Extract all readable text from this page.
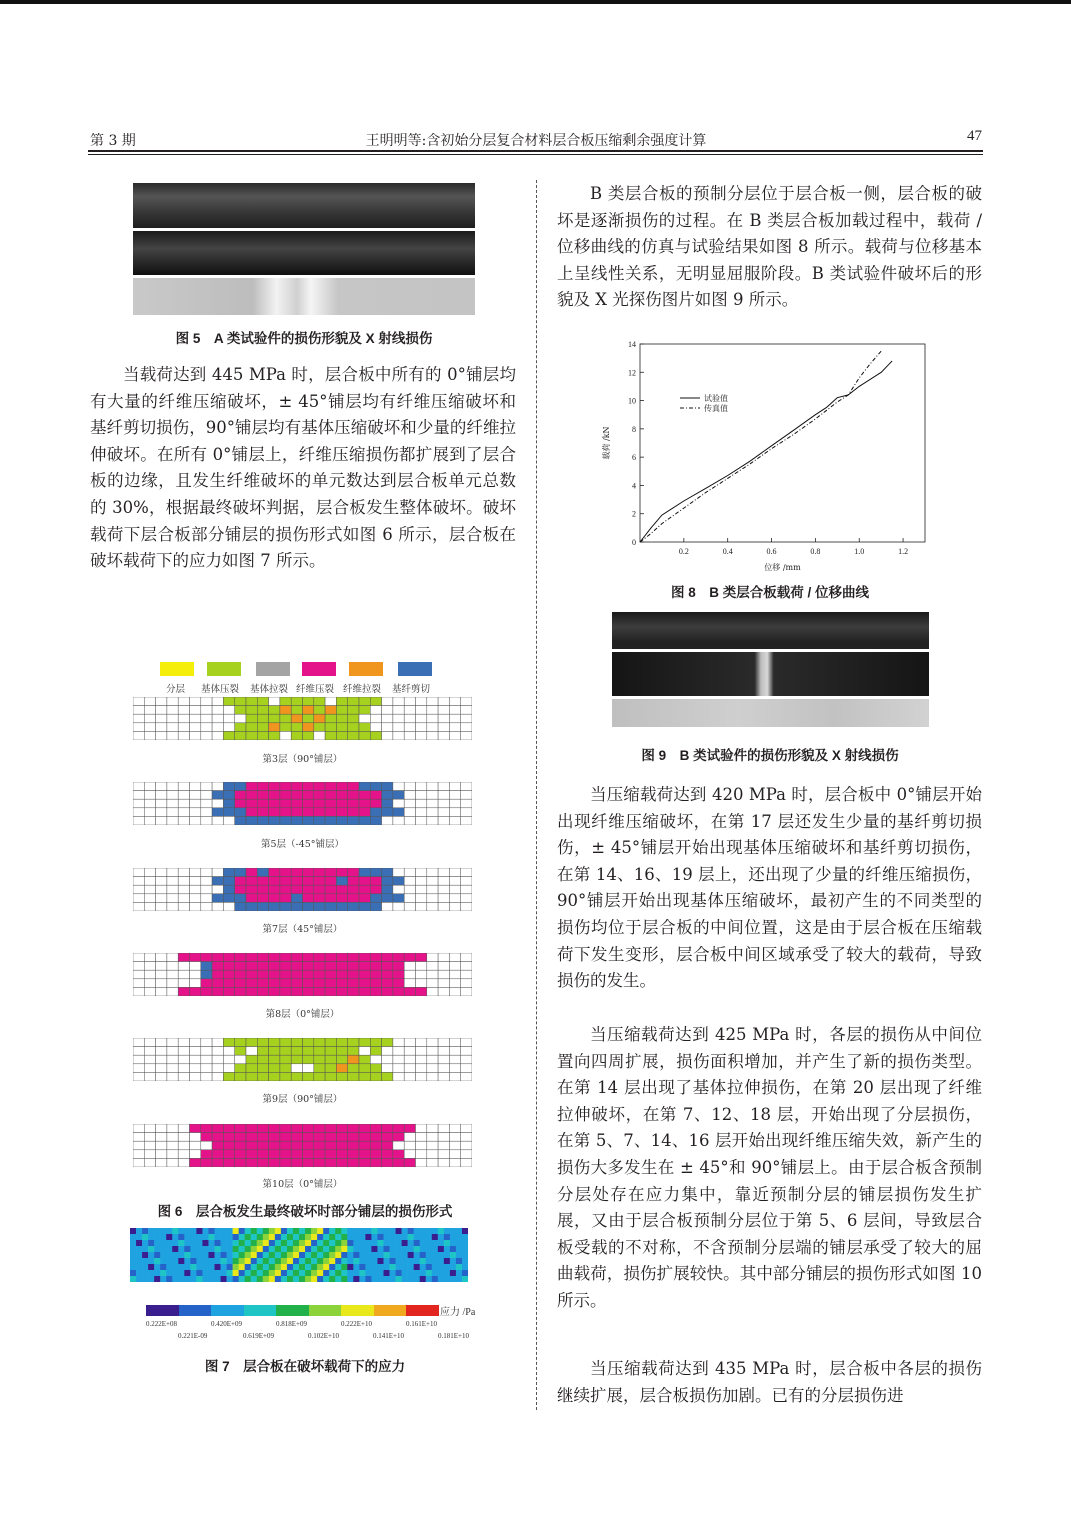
第 3 期	王明明等:含初始分层复合材料层合板压缩剩余强度计算	47
图 5　A 类试验件的损伤形貌及 X 射线损伤
当载荷达到 445 MPa 时，层合板中所有的 0°铺层均有大量的纤维压缩破坏，± 45°铺层均有纤维压缩破坏和基纤剪切损伤，90°铺层均有基体压缩破坏和少量的纤维拉伸破坏。在所有 0°铺层上，纤维压缩损伤都扩展到了层合板的边缘，且发生纤维破坏的单元数达到层合板单元总数的 30%，根据最终破坏判据，层合板发生整体破坏。破坏载荷下层合板部分铺层的损伤形式如图 6 所示，层合板在破坏载荷下的应力如图 7 所示。
分层 基体压裂 基体拉裂 纤维压裂 纤维拉裂 基纤剪切
第3层（90°铺层）
第5层（-45°铺层）
第7层（45°铺层）
第8层（0°铺层）
第9层（90°铺层）
第10层（0°铺层）
图 6　层合板发生最终破坏时部分铺层的损伤形式
应力 /Pa
0.222E+08	0.420E+09	0.818E+09	0.222E+10	0.161E+10
0.221E-09	0.619E+09	0.102E+10	0.141E+10	0.181E+10
图 7　层合板在破坏载荷下的应力
B 类层合板的预制分层位于层合板一侧，层合板的破坏是逐渐损伤的过程。在 B 类层合板加载过程中，载荷 / 位移曲线的仿真与试验结果如图 8 所示。载荷与位移基本上呈线性关系，无明显屈服阶段。B 类试验件破坏后的形貌及 X 光探伤图片如图 9 所示。
0
2
4
6
8
10
12
14
0.2	0.4	0.6	0.8	1.0	1.2
位移 /mm
载荷 /kN
试验值
传真值
图 8　B 类层合板载荷 / 位移曲线
图 9　B 类试验件的损伤形貌及 X 射线损伤
当压缩载荷达到 420 MPa 时，层合板中 0°铺层开始出现纤维压缩破坏，在第 17 层还发生少量的基纤剪切损伤，± 45°铺层开始出现基体压缩破坏和基纤剪切损伤，在第 14、16、19 层上，还出现了少量的纤维压缩损伤，90°铺层开始出现基体压缩破坏，最初产生的不同类型的损伤均位于层合板的中间位置，这是由于层合板在压缩载荷下发生变形，层合板中间区域承受了较大的载荷，导致损伤的发生。
当压缩载荷达到 425 MPa 时，各层的损伤从中间位置向四周扩展，损伤面积增加，并产生了新的损伤类型。在第 14 层出现了基体拉伸损伤，在第 20 层出现了纤维拉伸破坏，在第 7、12、18 层，开始出现了分层损伤，在第 5、7、14、16 层开始出现纤维压缩失效，新产生的损伤大多发生在 ± 45°和 90°铺层上。由于层合板含预制分层处存在应力集中，靠近预制分层的铺层损伤发生扩展，又由于层合板预制分层位于第 5、6 层间，导致层合板受载的不对称，不含预制分层端的铺层承受了较大的屈曲载荷，损伤扩展较快。其中部分铺层的损伤形式如图 10 所示。
当压缩载荷达到 435 MPa 时，层合板中各层的损伤继续扩展，层合板损伤加剧。已有的分层损伤进
